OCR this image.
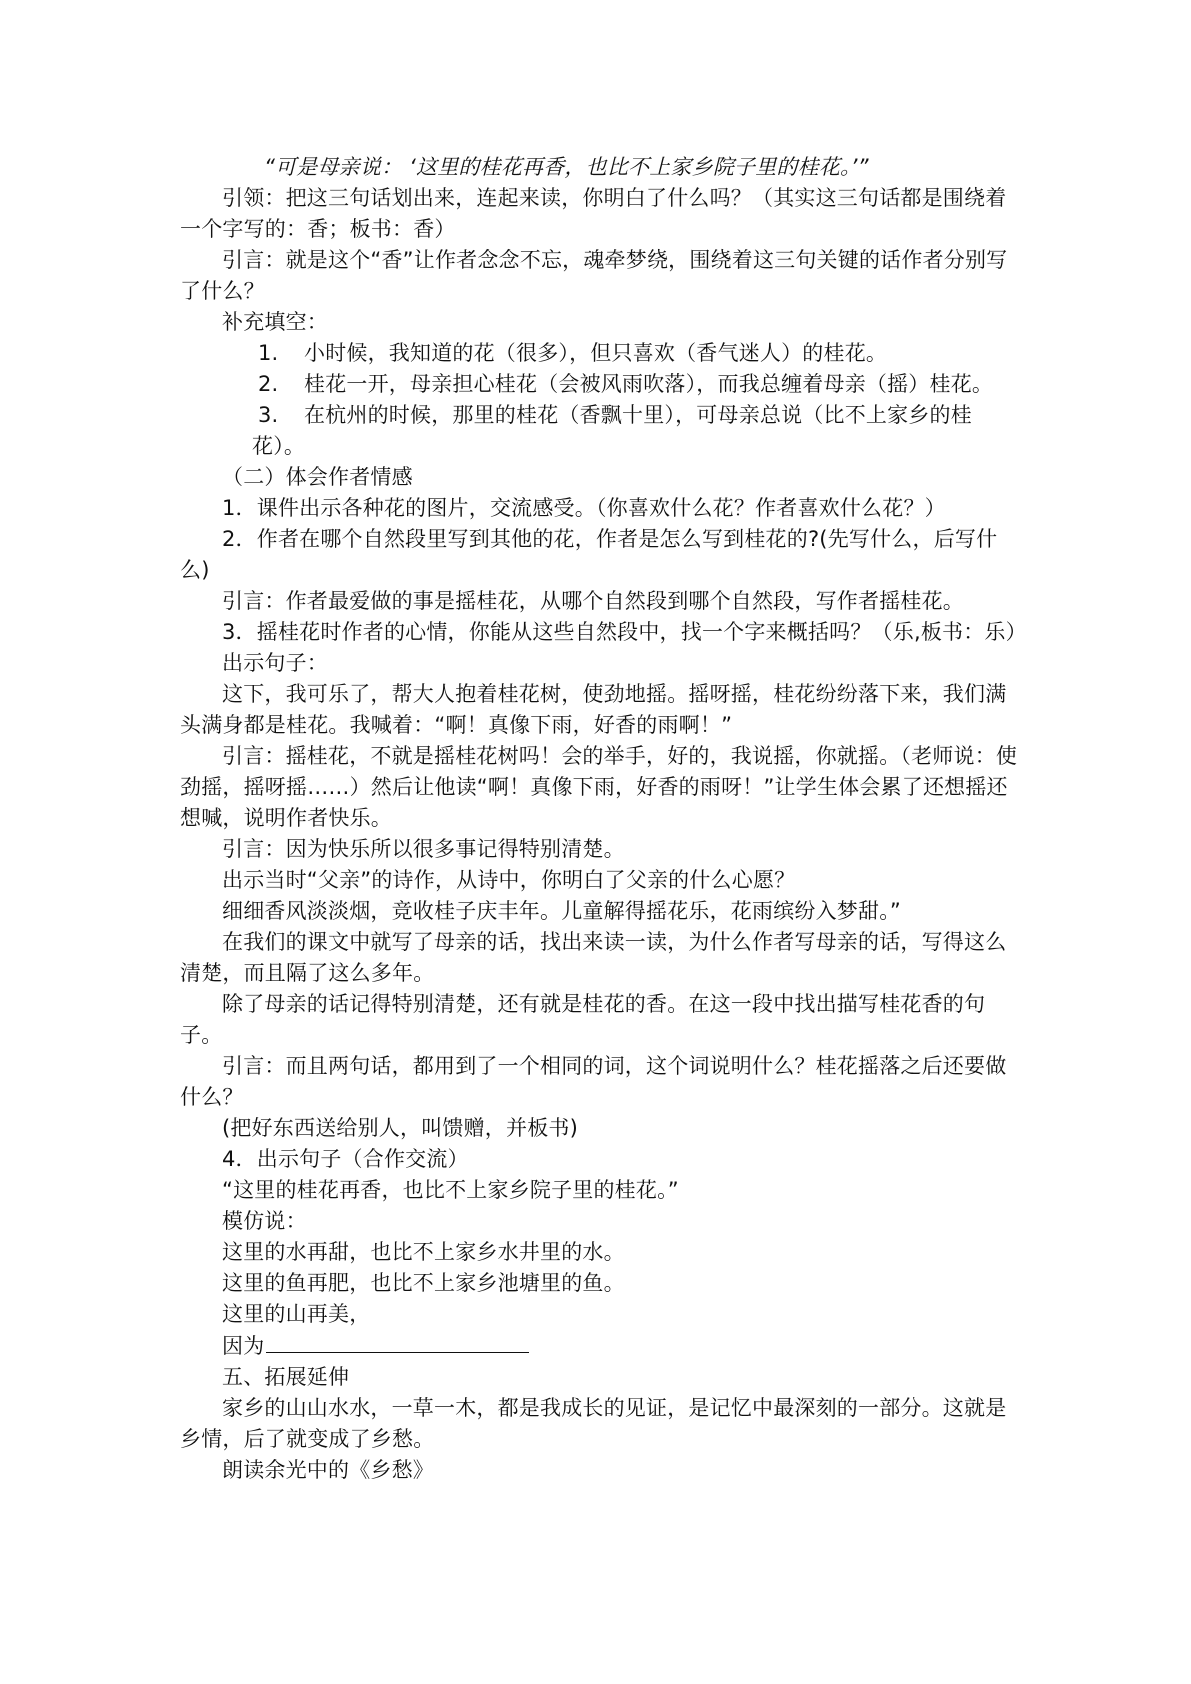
“可是母亲说： ‘这里的桂花再香，也比不上家乡院子里的桂花。’”

引领：把这三句话划出来，连起来读，你明白了什么吗？（其实这三句话都是围绕着一个字写的：香；板书：香）

引言：就是这个“香”让作者念念不忘，魂牵梦绕，围绕着这三句关键的话作者分别写了什么？

补充填空：

1. 小时候，我知道的花（很多），但只喜欢（香气迷人）的桂花。

2. 桂花一开，母亲担心桂花（会被风雨吹落），而我总缠着母亲（摇）桂花。

3. 在杭州的时候，那里的桂花（香飘十里），可母亲总说（比不上家乡的桂
花）。

（二）体会作者情感

1．课件出示各种花的图片，交流感受。（你喜欢什么花？作者喜欢什么花？）

2．作者在哪个自然段里写到其他的花，作者是怎么写到桂花的?(先写什么，后写什么)

引言：作者最爱做的事是摇桂花，从哪个自然段到哪个自然段，写作者摇桂花。

3．摇桂花时作者的心情，你能从这些自然段中，找一个字来概括吗？（乐,板书：乐）

出示句子：

这下，我可乐了，帮大人抱着桂花树，使劲地摇。摇呀摇，桂花纷纷落下来，我们满头满身都是桂花。我喊着：“啊！真像下雨，好香的雨啊！”

引言：摇桂花，不就是摇桂花树吗！会的举手，好的，我说摇，你就摇。（老师说：使劲摇，摇呀摇……）然后让他读“啊！真像下雨，好香的雨呀！”让学生体会累了还想摇还想喊，说明作者快乐。

引言：因为快乐所以很多事记得特别清楚。

出示当时“父亲”的诗作，从诗中，你明白了父亲的什么心愿？

细细香风淡淡烟，竞收桂子庆丰年。儿童解得摇花乐，花雨缤纷入梦甜。”

在我们的课文中就写了母亲的话，找出来读一读，为什么作者写母亲的话，写得这么清楚，而且隔了这么多年。

除了母亲的话记得特别清楚，还有就是桂花的香。在这一段中找出描写桂花香的句子。

引言：而且两句话，都用到了一个相同的词，这个词说明什么？桂花摇落之后还要做什么？

(把好东西送给别人，叫馈赠，并板书)

4．出示句子（合作交流）

“这里的桂花再香，也比不上家乡院子里的桂花。”

模仿说：

这里的水再甜，也比不上家乡水井里的水。

这里的鱼再肥，也比不上家乡池塘里的鱼。

这里的山再美，

因为

五、拓展延伸

家乡的山山水水，一草一木，都是我成长的见证，是记忆中最深刻的一部分。这就是乡情，后了就变成了乡愁。

朗读余光中的《乡愁》
